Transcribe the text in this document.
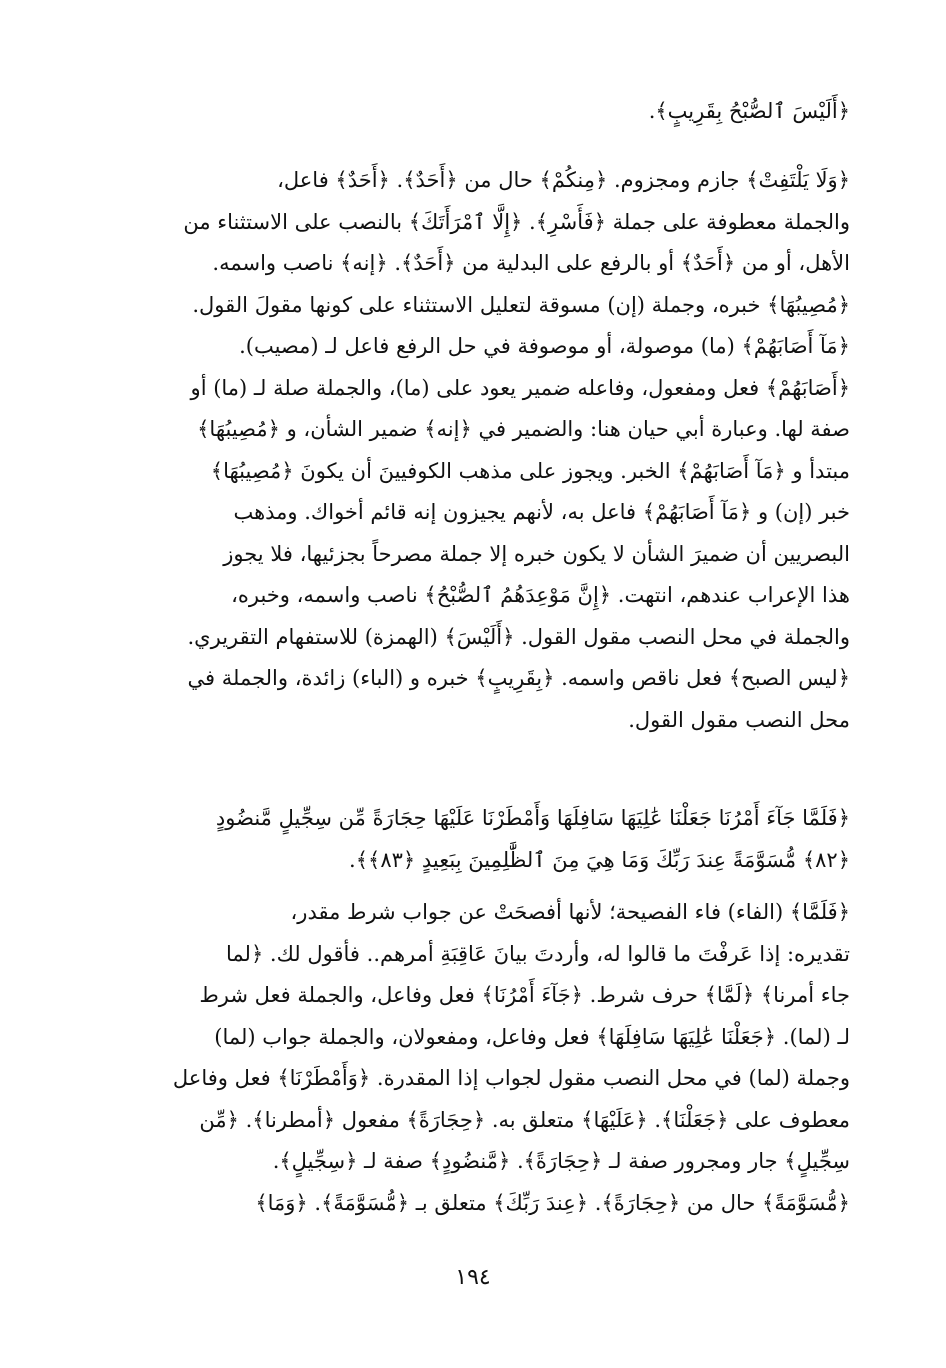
﴿أَلَيْسَ ٱلصُّبْحُ بِقَرِيبٍ﴾.
﴿وَلَا يَلْتَفِتْ﴾ جازم ومجزوم. ﴿مِنكُمْ﴾ حال من ﴿أَحَدٌ﴾. ﴿أَحَدٌ﴾ فاعل،
والجملة معطوفة على جملة ﴿فَأَسْرِ﴾. ﴿إِلَّا ٱمْرَأَتَكَ﴾ بالنصب على الاستثناء من
الأهل، أو من ﴿أَحَدٌ﴾ أو بالرفع على البدلية من ﴿أَحَدٌ﴾. ﴿إنه﴾ ناصب واسمه.
﴿مُصِيبُهَا﴾ خبره، وجملة (إن) مسوقة لتعليل الاستثناء على كونها مقولَ القول.
﴿مَآ أَصَابَهُمْ﴾ (ما) موصولة، أو موصوفة في حل الرفع فاعل لـ (مصيب).
﴿أَصَابَهُمْ﴾ فعل ومفعول، وفاعله ضمير يعود على (ما)، والجملة صلة لـ (ما) أو
صفة لها. وعبارة أبي حيان هنا: والضمير في ﴿إنه﴾ ضمير الشأن، و ﴿مُصِيبُهَا﴾
مبتدأ و ﴿مَآ أَصَابَهُمْ﴾ الخبر. ويجوز على مذهب الكوفيينَ أن يكونَ ﴿مُصِيبُهَا﴾
خبر (إن) و ﴿مَآ أَصَابَهُمْ﴾ فاعل به، لأنهم يجيزون إنه قائم أخواك. ومذهب
البصريين أن ضميرَ الشأن لا يكون خبره إلا جملة مصرحاً بجزئيها، فلا يجوز
هذا الإعراب عندهم، انتهت. ﴿إِنَّ مَوْعِدَهُمُ ٱلصُّبْحُ﴾ ناصب واسمه، وخبره،
والجملة في محل النصب مقول القول. ﴿أَلَيْسَ﴾ (الهمزة) للاستفهام التقريري.
﴿ليس الصبح﴾ فعل ناقص واسمه. ﴿بِقَرِيبٍ﴾ خبره و (الباء) زائدة، والجملة في
محل النصب مقول القول.
﴿فَلَمَّا جَآءَ أَمْرُنَا جَعَلْنَا عَٰلِيَهَا سَافِلَهَا وَأَمْطَرْنَا عَلَيْهَا حِجَارَةً مِّن سِجِّيلٍ مَّنضُودٍ
﴿٨٢﴾ مُّسَوَّمَةً عِندَ رَبِّكَ وَمَا هِيَ مِنَ ٱلظَّٰلِمِينَ بِبَعِيدٍ ﴿٨٣﴾﴾.
﴿فَلَمَّا﴾ (الفاء) فاء الفصيحة؛ لأنها أفصحَتْ عن جواب شرط مقدر،
تقديره: إذا عَرفْتَ ما قالوا له، وأردتَ بيانَ عَاقِبَةِ أمرهم.. فأقول لك. ﴿لما
جاء أمرنا﴾ ﴿لَمَّا﴾ حرف شرط. ﴿جَآءَ أَمْرُنَا﴾ فعل وفاعل، والجملة فعل شرط
لـ (لما). ﴿جَعَلْنَا عَٰلِيَهَا سَافِلَهَا﴾ فعل وفاعل، ومفعولان، والجملة جواب (لما)
وجملة (لما) في محل النصب مقول لجواب إذا المقدرة. ﴿وَأَمْطَرْنَا﴾ فعل وفاعل
معطوف على ﴿جَعَلْنَا﴾. ﴿عَلَيْهَا﴾ متعلق به. ﴿حِجَارَةً﴾ مفعول ﴿أمطرنا﴾. ﴿مِّن
سِجِّيلٍ﴾ جار ومجرور صفة لـ ﴿حِجَارَةً﴾. ﴿مَّنضُودٍ﴾ صفة لـ ﴿سِجِّيلٍ﴾.
﴿مُّسَوَّمَةً﴾ حال من ﴿حِجَارَةً﴾. ﴿عِندَ رَبِّكَ﴾ متعلق بـ ﴿مُّسَوَّمَةً﴾. ﴿وَمَا﴾
١٩٤
